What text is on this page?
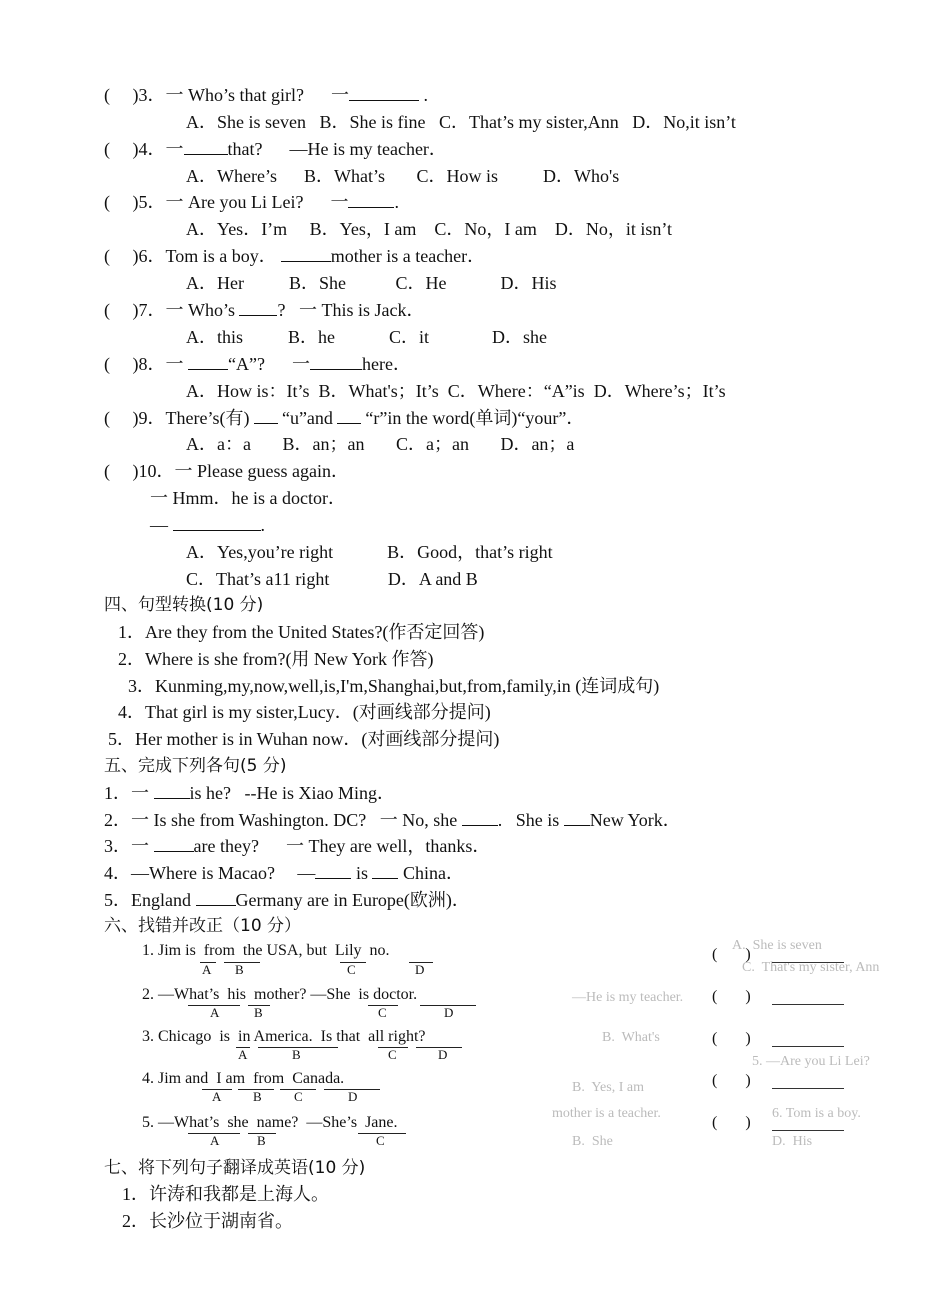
(     )3．一 Who’s that girl?      一	.
A．She is seven   B．She is fine   C．That’s my sister,Ann   D．No,it isn’t
(     )4．一 that?      —He is my teacher．
A．Where’s      B．What’s       C．How is          D．Who's
(     )5．一 Are you Li Lei?      一	.
A．Yes．I’m     B．Yes，I am    C．No，I am    D．No，it isn’t
(     )6．Tom is a boy．	mother is a teacher．
A．Her          B．She           C．He            D．His
(     )7．一 Who’s ?   一 This is Jack．
A．this          B．he            C．it              D．she
(     )8．一 “A”?      一	here．
A．How is：It’s  B．What's；It’s  C．Where：“A”is  D．Where’s；It’s
(     )9．There’s(有) “u”and “r”in the word(单词)“your”．
A．a：a       B．an；an       C．a；an       D．an；a
(     )10．一 Please guess again．
一 Hmm．he is a doctor．
—	.
A．Yes,you’re right            B．Good，that’s right
C．That’s a11 right             D．A and B
四、句型转换(10 分)
1．Are they from the United States?(作否定回答)
2．Where is she from?(用 New York 作答)
3．Kunming,my,now,well,is,I'm,Shanghai,but,from,family,in (连词成句)
4．That girl is my sister,Lucy．(对画线部分提问)
5．Her mother is in Wuhan now．(对画线部分提问)
五、完成下列各句(5 分)
1．一 is he?   --He is Xiao Ming．
2．一 Is she from Washington. DC?   一 No, she .   She is New York．
3．一 are they?      一 They are well，thanks．
4．—Where is Macao?     — is  China．
5．England Germany are in Europe(欧洲)．
六、找错并改正（10 分）
A.  She is seven
C.  That's my sister, Ann
—He is my teacher.
B.  What's
5. —Are you Li Lei?
B.  Yes, I am
6. Tom is a boy.
mother is a teacher.
B.  She	D.  His
1. Jim is  from  the USA, but  Lily  no.
A B	C	D
(       )
2. —What’s  his  mother? —She  is doctor.
A	B	C	D
(       )
3. Chicago  is  in America.  Is that  all right?
A	B	C	D
(       )
4. Jim and  I am  from  Canada.
A B C	D
(       )
5. —What’s  she  name?  —She’s  Jane.
A	B	C
(       )
七、将下列句子翻译成英语(10 分)
1．许涛和我都是上海人。
2．长沙位于湖南省。
